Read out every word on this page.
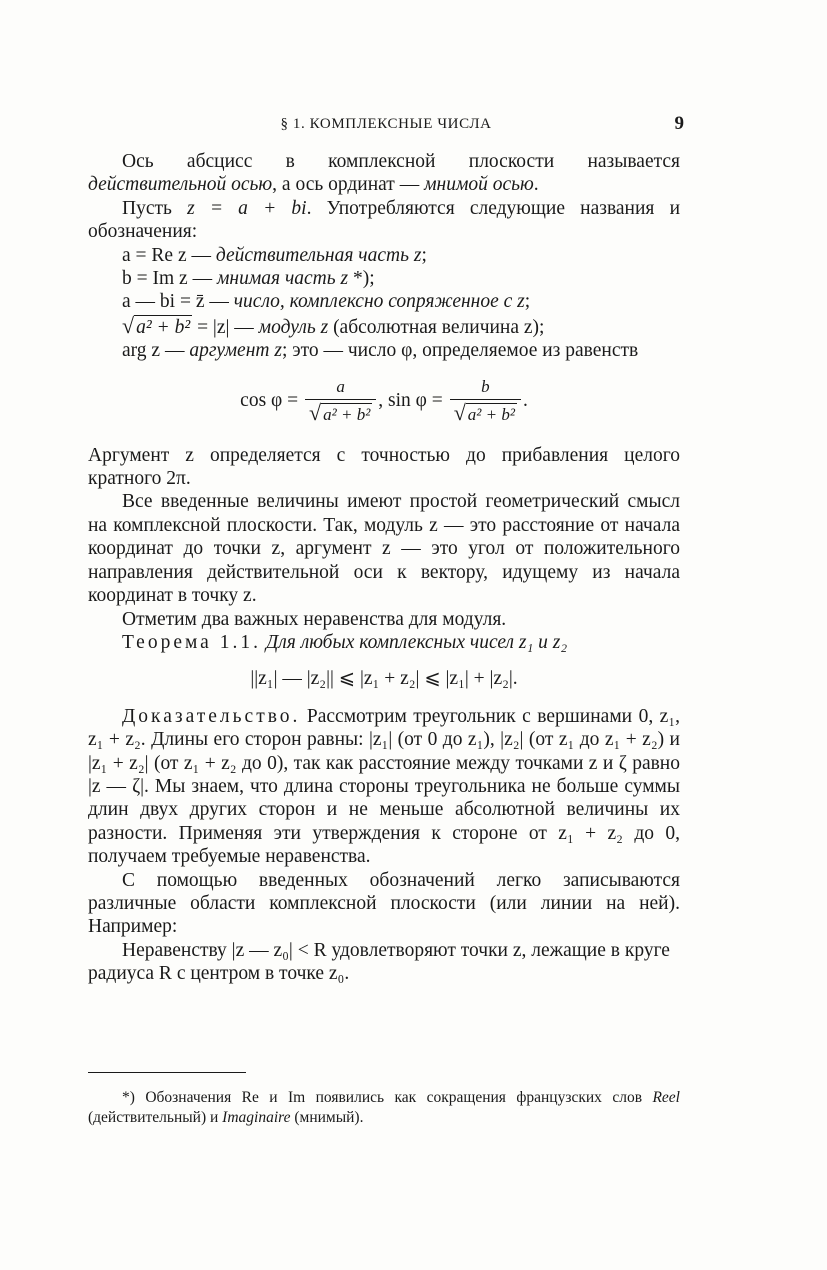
§ 1. КОМПЛЕКСНЫЕ ЧИСЛА	9

Ось абсцисс в комплексной плоскости называется действительной осью, а ось ординат — мнимой осью.

Пусть z = a + bi. Употребляются следующие названия и обозначения:

a = Re z — действительная часть z;

b = Im z — мнимая часть z *);

a — bi = z̄ — число, комплексно сопряженное с z;

√ a² + b² = |z| — модуль z (абсолютная величина z);

arg z — аргумент z; это — число φ, определяемое из равенств

$\cos \varphi = \frac{a}{\text{√ a² + b²}}$ , $\sin \varphi = \frac{b}{\text{√ a² + b²}}$ .

Аргумент z определяется с точностью до прибавления целого кратного 2π.

Все введенные величины имеют простой геометрический смысл на комплексной плоскости. Так, модуль z — это расстояние от начала координат до точки z, аргумент z — это угол от положительного направления действительной оси к вектору, идущему из начала координат в точку z.

Отметим два важных неравенства для модуля.

Теорема 1.1. Для любых комплексных чисел z₁ и z₂

||z₁| — |z₂|| ⩽ |z₁ + z₂| ⩽ |z₁| + |z₂|.

Доказательство. Рассмотрим треугольник с вершинами 0, z₁, z₁ + z₂. Длины его сторон равны: |z₁| (от 0 до z₁), |z₂| (от z₁ до z₁ + z₂) и |z₁ + z₂| (от z₁ + z₂ до 0), так как расстояние между точками z и ζ равно |z — ζ|. Мы знаем, что длина стороны треугольника не больше суммы длин двух других сторон и не меньше абсолютной величины их разности. Применяя эти утверждения к стороне от z₁ + z₂ до 0, получаем требуемые неравенства.

С помощью введенных обозначений легко записываются различные области комплексной плоскости (или линии на ней). Например:

Неравенству |z — z₀| < R удовлетворяют точки z, лежащие в круге радиуса R с центром в точке z₀.

*) Обозначения Re и Im появились как сокращения французских слов Reel (действительный) и Imaginaire (мнимый).
